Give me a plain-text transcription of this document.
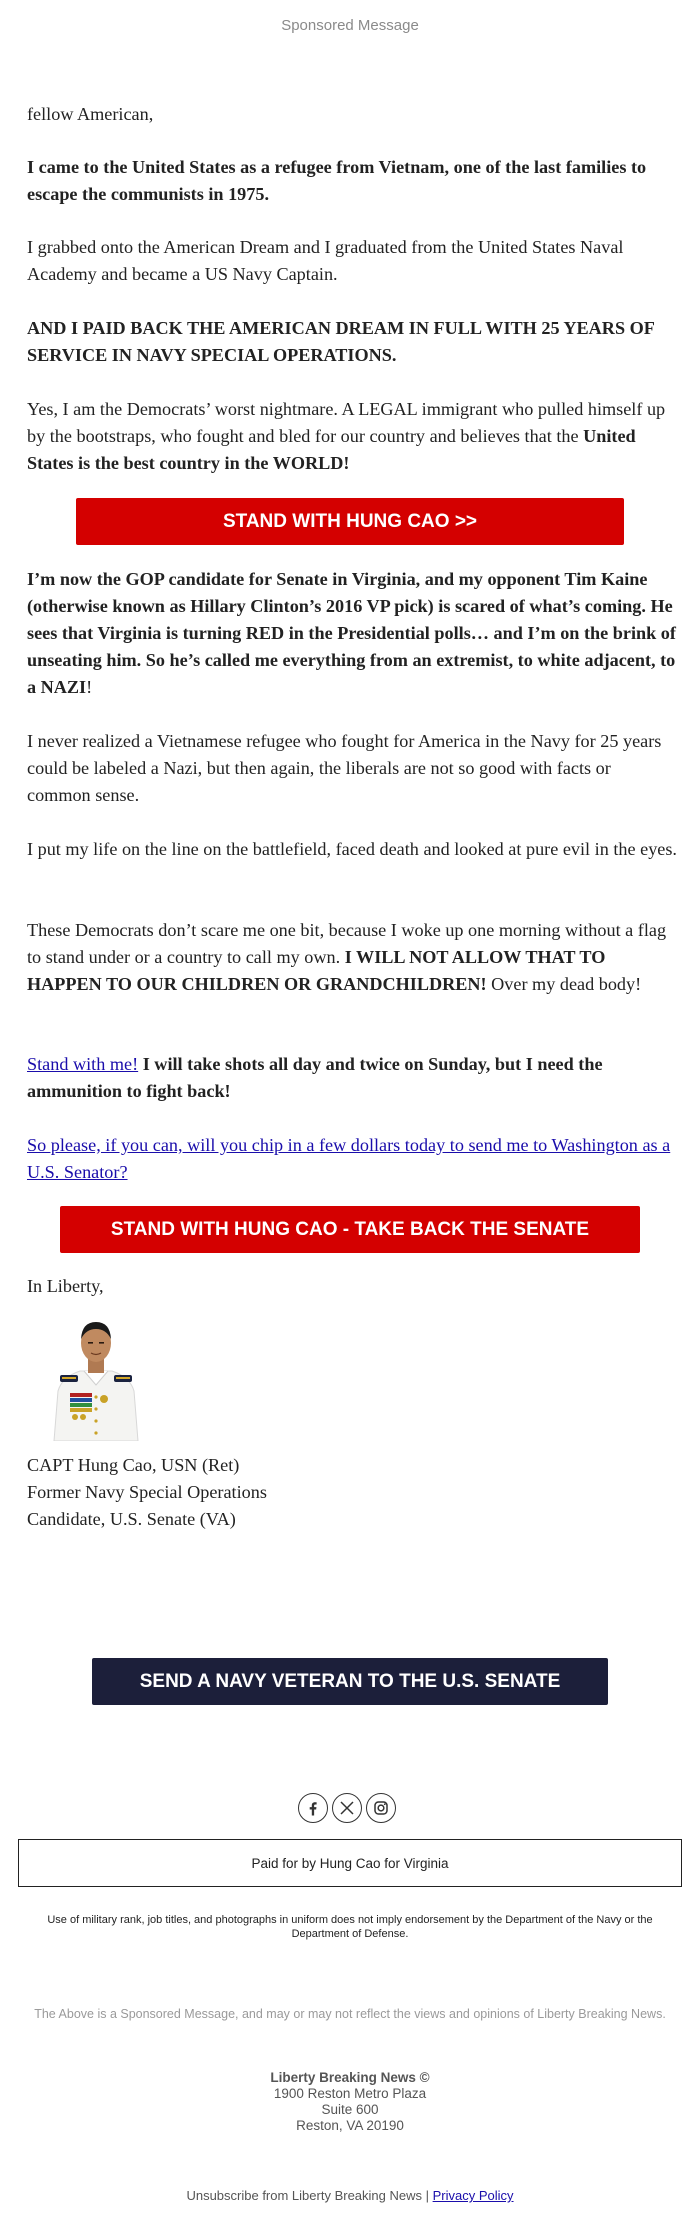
Sponsored Message

fellow American,

I came to the United States as a refugee from Vietnam, one of the last families to escape the communists in 1975.

I grabbed onto the American Dream and I graduated from the United States Naval Academy and became a US Navy Captain.

AND I PAID BACK THE AMERICAN DREAM IN FULL WITH 25 YEARS OF SERVICE IN NAVY SPECIAL OPERATIONS.

Yes, I am the Democrats’ worst nightmare. A LEGAL immigrant who pulled himself up by the bootstraps, who fought and bled for our country and believes that the United States is the best country in the WORLD!

STAND WITH HUNG CAO >>

I’m now the GOP candidate for Senate in Virginia, and my opponent Tim Kaine (otherwise known as Hillary Clinton’s 2016 VP pick) is scared of what’s coming. He sees that Virginia is turning RED in the Presidential polls… and I’m on the brink of unseating him. So he’s called me everything from an extremist, to white adjacent, to a NAZI!

I never realized a Vietnamese refugee who fought for America in the Navy for 25 years could be labeled a Nazi, but then again, the liberals are not so good with facts or common sense.

I put my life on the line on the battlefield, faced death and looked at pure evil in the eyes.

These Democrats don’t scare me one bit, because I woke up one morning without a flag to stand under or a country to call my own. I WILL NOT ALLOW THAT TO HAPPEN TO OUR CHILDREN OR GRANDCHILDREN! Over my dead body!

Stand with me! I will take shots all day and twice on Sunday, but I need the ammunition to fight back!

So please, if you can, will you chip in a few dollars today to send me to Washington as a U.S. Senator?

STAND WITH HUNG CAO - TAKE BACK THE SENATE

In Liberty,

CAPT Hung Cao, USN (Ret)

Former Navy Special Operations

Candidate, U.S. Senate (VA)

SEND A NAVY VETERAN TO THE U.S. SENATE
Paid for by Hung Cao for Virginia
Use of military rank, job titles, and photographs in uniform does not imply endorsement by the Department of the Navy or the Department of Defense.
The Above is a Sponsored Message, and may or may not reflect the views and opinions of Liberty Breaking News.
Liberty Breaking News ©
1900 Reston Metro Plaza
Suite 600
Reston, VA 20190
Unsubscribe from Liberty Breaking News | Privacy Policy
